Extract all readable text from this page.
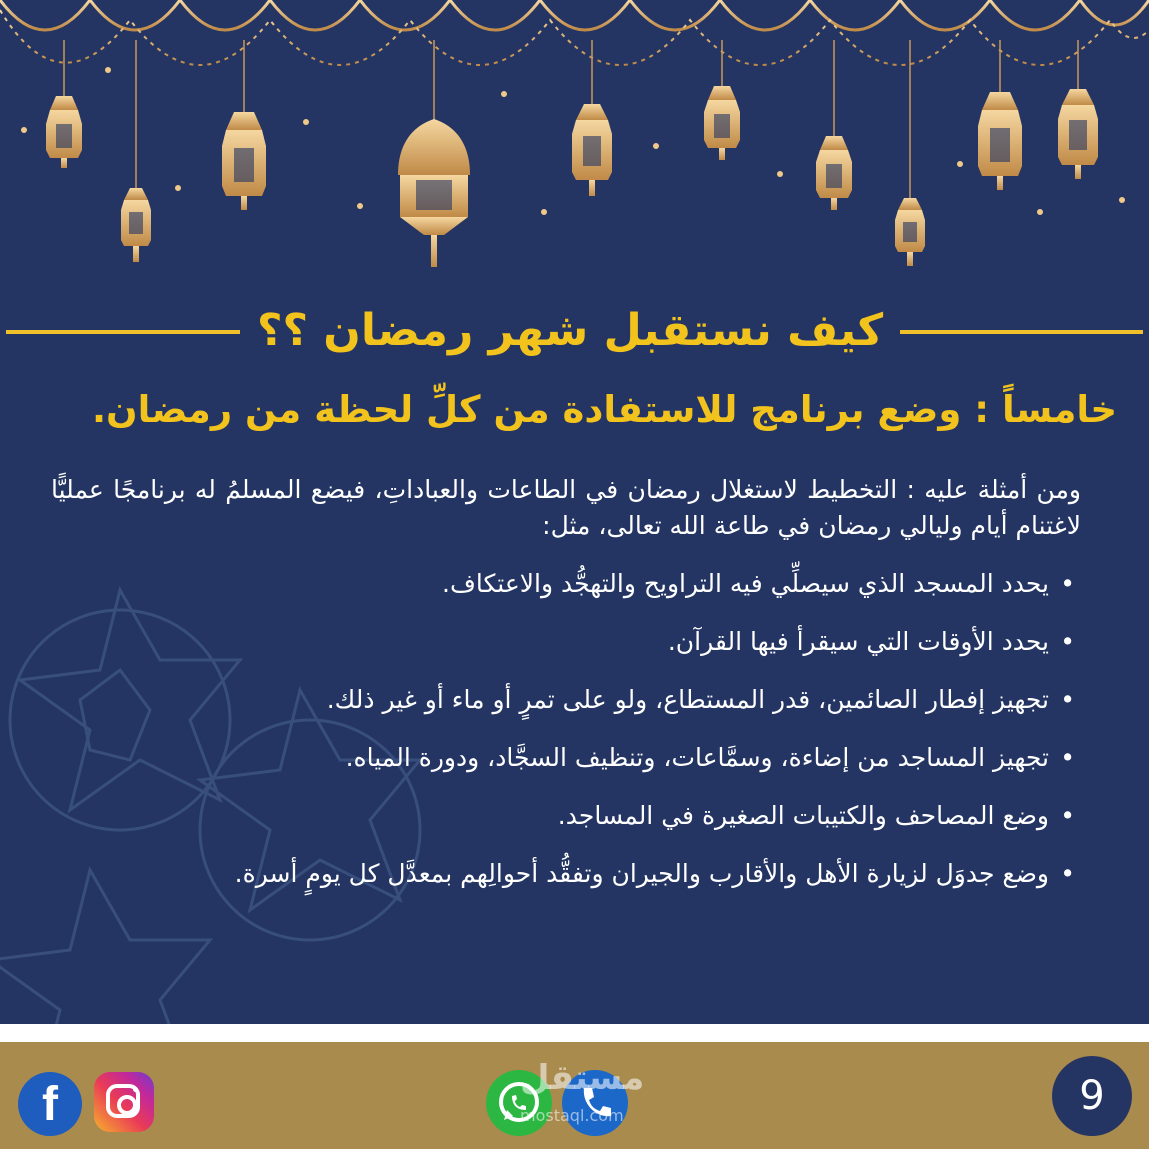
كيف نستقبل شهر رمضان ؟؟
خامساً : وضع برنامج للاستفادة من كلِّ لحظة من رمضان.
ومن أمثلة عليه : التخطيط لاستغلال رمضان في الطاعات والعباداتِ، فيضع المسلمُ له برنامجًا عمليًّا لاغتنام أيام وليالي رمضان في طاعة الله تعالى، مثل:
•
يحدد المسجد الذي سيصلِّي فيه التراويح والتهجُّد والاعتكاف.
•
يحدد الأوقات التي سيقرأ فيها القرآن.
•
تجهيز إفطار الصائمين، قدر المستطاع، ولو على تمرٍ أو ماء أو غير ذلك.
•
تجهيز المساجد من إضاءة، وسمَّاعات، وتنظيف السجَّاد، ودورة المياه.
•
وضع المصاحف والكتيبات الصغيرة في المساجد.
•
وضع جدوَل لزيارة الأهل والأقارب والجيران وتفقُّد أحوالِهم بمعدَّل كل يومٍ أسرة.
f	مستقل
mostaql.com	9
